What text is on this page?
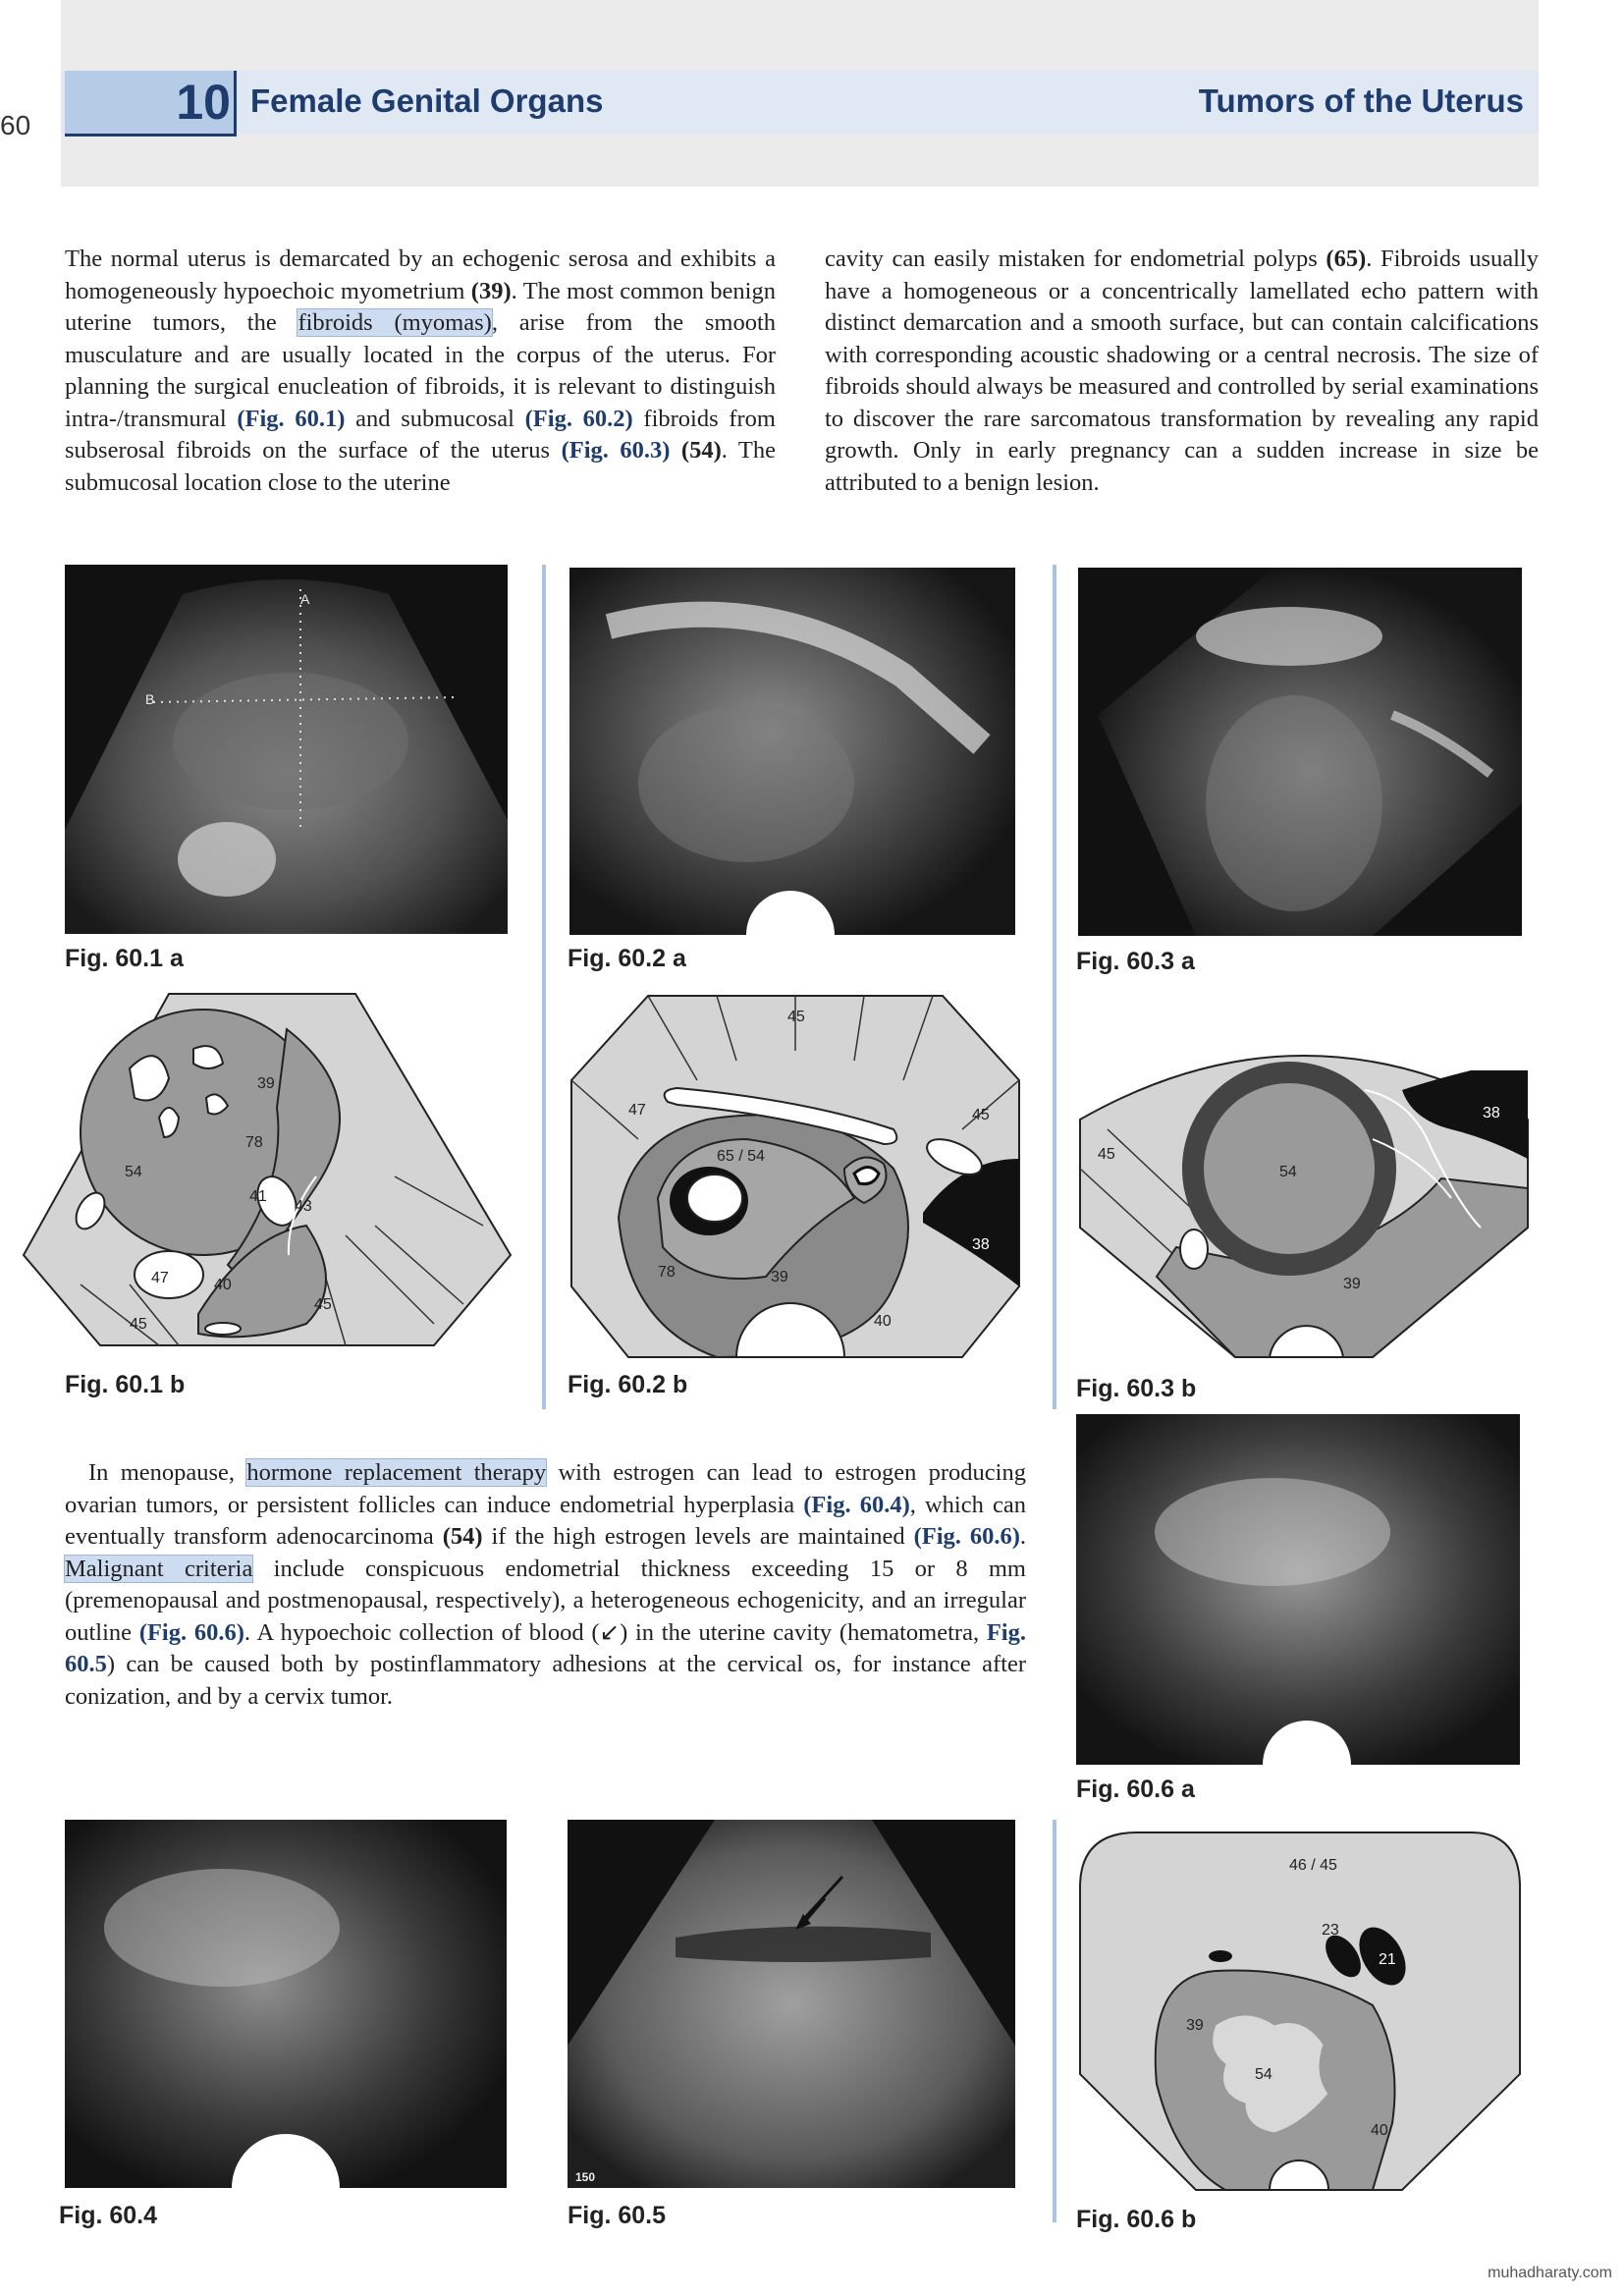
60	10 Female Genital Organs	Tumors of the Uterus

The normal uterus is demarcated by an echogenic serosa and exhibits a homogeneously hypoechoic myometrium (39). The most common benign uterine tumors, the fibroids (myomas), arise from the smooth musculature and are usually located in the corpus of the uterus. For planning the surgical enucleation of fibroids, it is relevant to distinguish intra-/transmural (Fig. 60.1) and submucosal (Fig. 60.2) fibroids from subserosal fibroids on the surface of the uterus (Fig. 60.3) (54). The submucosal location close to the uterine

cavity can easily mistaken for endometrial polyps (65). Fibroids usually have a homogeneous or a concentrically lamellated echo pattern with distinct demarcation and a smooth surface, but can contain calcifications with corresponding acoustic shadowing or a central necrosis. The size of fibroids should always be measured and controlled by serial examinations to discover the rare sarcomatous transformation by revealing any rapid growth. Only in early pregnancy can a sudden increase in size be attributed to a benign lesion.

A
B
Fig. 60.1 a	Fig. 60.2 a	Fig. 60.3 a
39
78
54
41
43
47	40
45
45
Fig. 60.1 b
45
47	45
65 / 54
38
78	39
40
Fig. 60.2 b
38
45
54
39
Fig. 60.3 b

In menopause, hormone replacement therapy with estrogen can lead to estrogen producing ovarian tumors, or persistent follicles can induce endometrial hyperplasia (Fig. 60.4), which can eventually transform adenocarcinoma (54) if the high estrogen levels are maintained (Fig. 60.6). Malignant criteria include conspicuous endometrial thickness exceeding 15 or 8 mm (premenopausal and postmenopausal, respectively), a heterogeneous echogenicity, and an irregular outline (Fig. 60.6). A hypoechoic collection of blood (↙) in the uterine cavity (hematometra, Fig. 60.5) can be caused both by postinflammatory adhesions at the cervical os, for instance after conization, and by a cervix tumor.

Fig. 60.6 a
Fig. 60.4
150
Fig. 60.5
46 / 45
23
21
39
54
40
Fig. 60.6 b
muhadharaty.com
